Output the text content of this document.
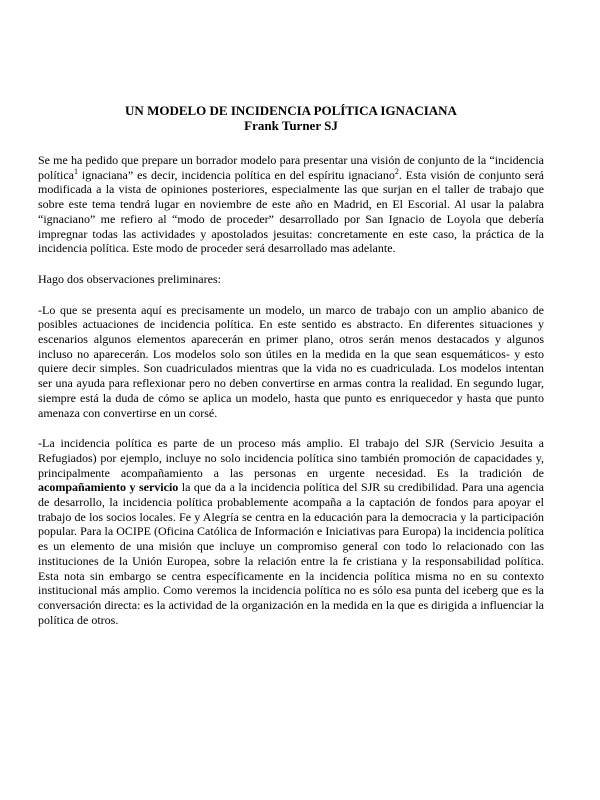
UN MODELO DE INCIDENCIA POLÍTICA IGNACIANA
Frank Turner SJ

Se me ha pedido que prepare un borrador modelo para presentar una visión de conjunto de la “incidencia política$^1$ ignaciana” es decir, incidencia política en del espíritu ignaciano$^2$. Esta visión de conjunto será modificada a la vista de opiniones posteriores, especialmente las que surjan en el taller de trabajo que sobre este tema tendrá lugar en noviembre de este año en Madrid, en El Escorial. Al usar la palabra “ignaciano” me refiero al “modo de proceder” desarrollado por San Ignacio de Loyola que debería impregnar todas las actividades y apostolados jesuitas: concretamente en este caso, la práctica de la incidencia política. Este modo de proceder será desarrollado mas adelante.

Hago dos observaciones preliminares:

-Lo que se presenta aquí es precisamente un modelo, un marco de trabajo con un amplio abanico de posibles actuaciones de incidencia política. En este sentido es abstracto. En diferentes situaciones y escenarios algunos elementos aparecerán en primer plano, otros serán menos destacados y algunos incluso no aparecerán. Los modelos solo son útiles en la medida en la que sean esquemáticos- y esto quiere decir simples. Son cuadriculados mientras que la vida no es cuadriculada. Los modelos intentan ser una ayuda para reflexionar pero no deben convertirse en armas contra la realidad. En segundo lugar, siempre está la duda de cómo se aplica un modelo, hasta que punto es enriquecedor y hasta que punto amenaza con convertirse en un corsé.

-La incidencia política es parte de un proceso más amplio. El trabajo del SJR (Servicio Jesuita a Refugiados) por ejemplo, incluye no solo incidencia política sino también promoción de capacidades y, principalmente acompañamiento a las personas en urgente necesidad. Es la tradición de acompañamiento y servicio la que da a la incidencia política del SJR su credibilidad. Para una agencia de desarrollo, la incidencia política probablemente acompaña a la captación de fondos para apoyar el trabajo de los socios locales. Fe y Alegría se centra en la educación para la democracia y la participación popular. Para la OCIPE (Oficina Católica de Información e Iniciativas para Europa) la incidencia política es un elemento de una misión que incluye un compromiso general con todo lo relacionado con las instituciones de la Unión Europea, sobre la relación entre la fe cristiana y la responsabilidad política. Esta nota sin embargo se centra específicamente en la incidencia política misma no en su contexto institucional más amplio. Como veremos la incidencia política no es sólo esa punta del iceberg que es la conversación directa: es la actividad de la organización en la medida en la que es dirigida a influenciar la política de otros.
